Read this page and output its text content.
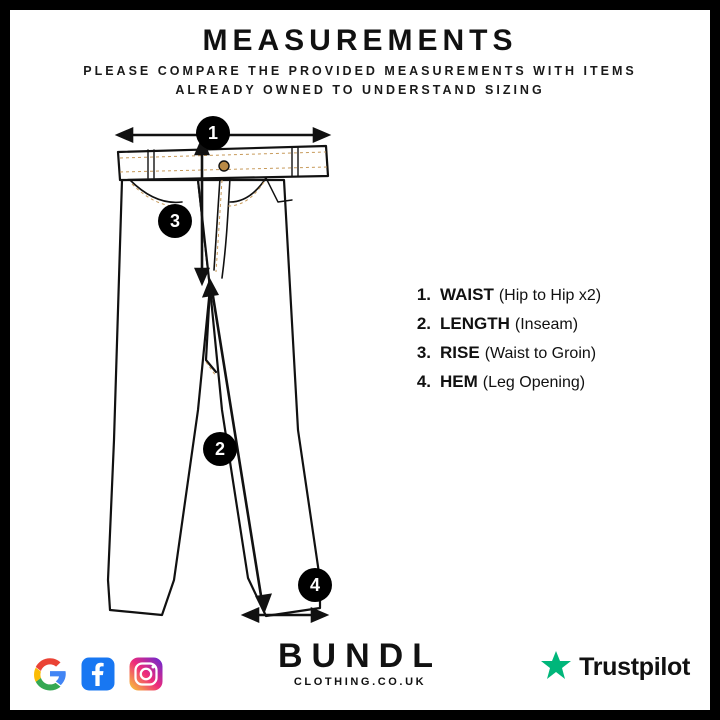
MEASUREMENTS
PLEASE COMPARE THE PROVIDED MEASUREMENTS WITH ITEMS ALREADY OWNED TO UNDERSTAND SIZING
1
2
3
4
1. WAIST (Hip to Hip x2)
2. LENGTH (Inseam)
3. RISE (Waist to Groin)
4. HEM (Leg Opening)
BUNDL
CLOTHING.CO.UK
Trustpilot
